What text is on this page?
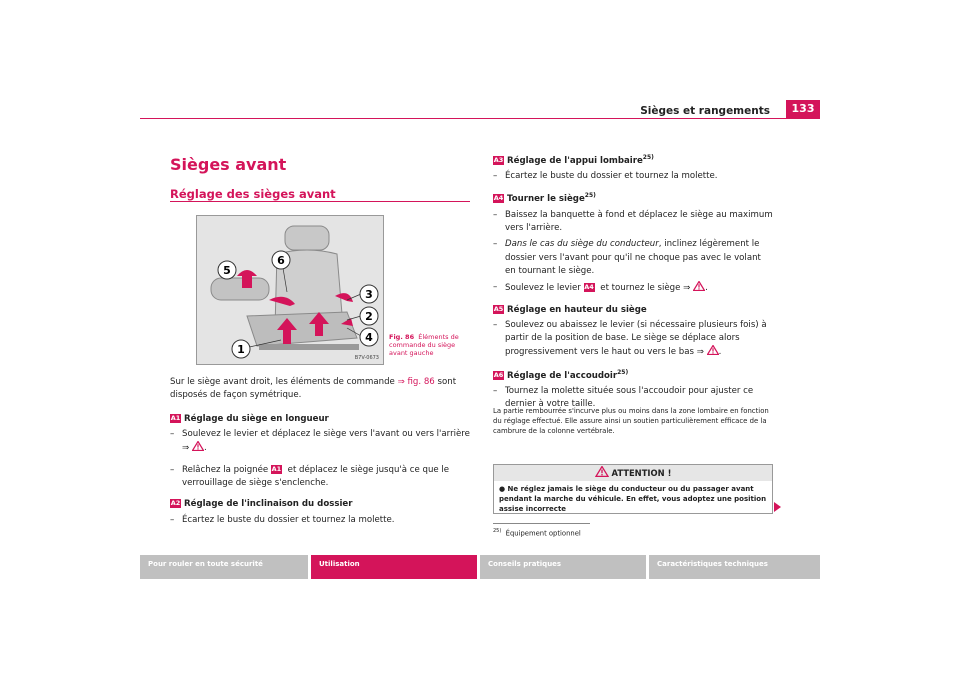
Sièges et rangements	133
Sièges avant
Réglage des sièges avant
1
2
3
4
5
6
B7V-0673
Fig. 86 Éléments de commande du siège avant gauche
Sur le siège avant droit, les éléments de commande ⇒ fig. 86 sont disposés de façon symétrique.
A1 Réglage du siège en longueur
– Soulevez le levier et déplacez le siège vers l'avant ou vers l'arrière ⇒ .
– Relâchez la poignée A1 et déplacez le siège jusqu'à ce que le verrouillage de siège s'enclenche.
A2 Réglage de l'inclinaison du dossier
– Écartez le buste du dossier et tournez la molette.
A3 Réglage de l'appui lombaire$^{25)}$
– Écartez le buste du dossier et tournez la molette.
A4 Tourner le siège$^{25)}$
– Baissez la banquette à fond et déplacez le siège au maximum vers l'arrière.
– Dans le cas du siège du conducteur, inclinez légèrement le dossier vers l'avant pour qu'il ne choque pas avec le volant en tournant le siège.
– Soulevez le levier A4 et tournez le siège ⇒ .
A5 Réglage en hauteur du siège
– Soulevez ou abaissez le levier (si nécessaire plusieurs fois) à partir de la position de base. Le siège se déplace alors progressivement vers le haut ou vers le bas ⇒ .
A6 Réglage de l'accoudoir$^{25)}$
– Tournez la molette située sous l'accoudoir pour ajuster ce dernier à votre taille.
La partie rembourrée s'incurve plus ou moins dans la zone lombaire en fonction du réglage effectué. Elle assure ainsi un soutien particulièrement efficace de la cambrure de la colonne vertébrale.
ATTENTION !
● Ne réglez jamais le siège du conducteur ou du passager avant pendant la marche du véhicule. En effet, vous adoptez une position assise incorrecte
$^{25)}$ Équipement optionnel
Pour rouler en toute sécurité	Utilisation	Conseils pratiques	Caractéristiques techniques
